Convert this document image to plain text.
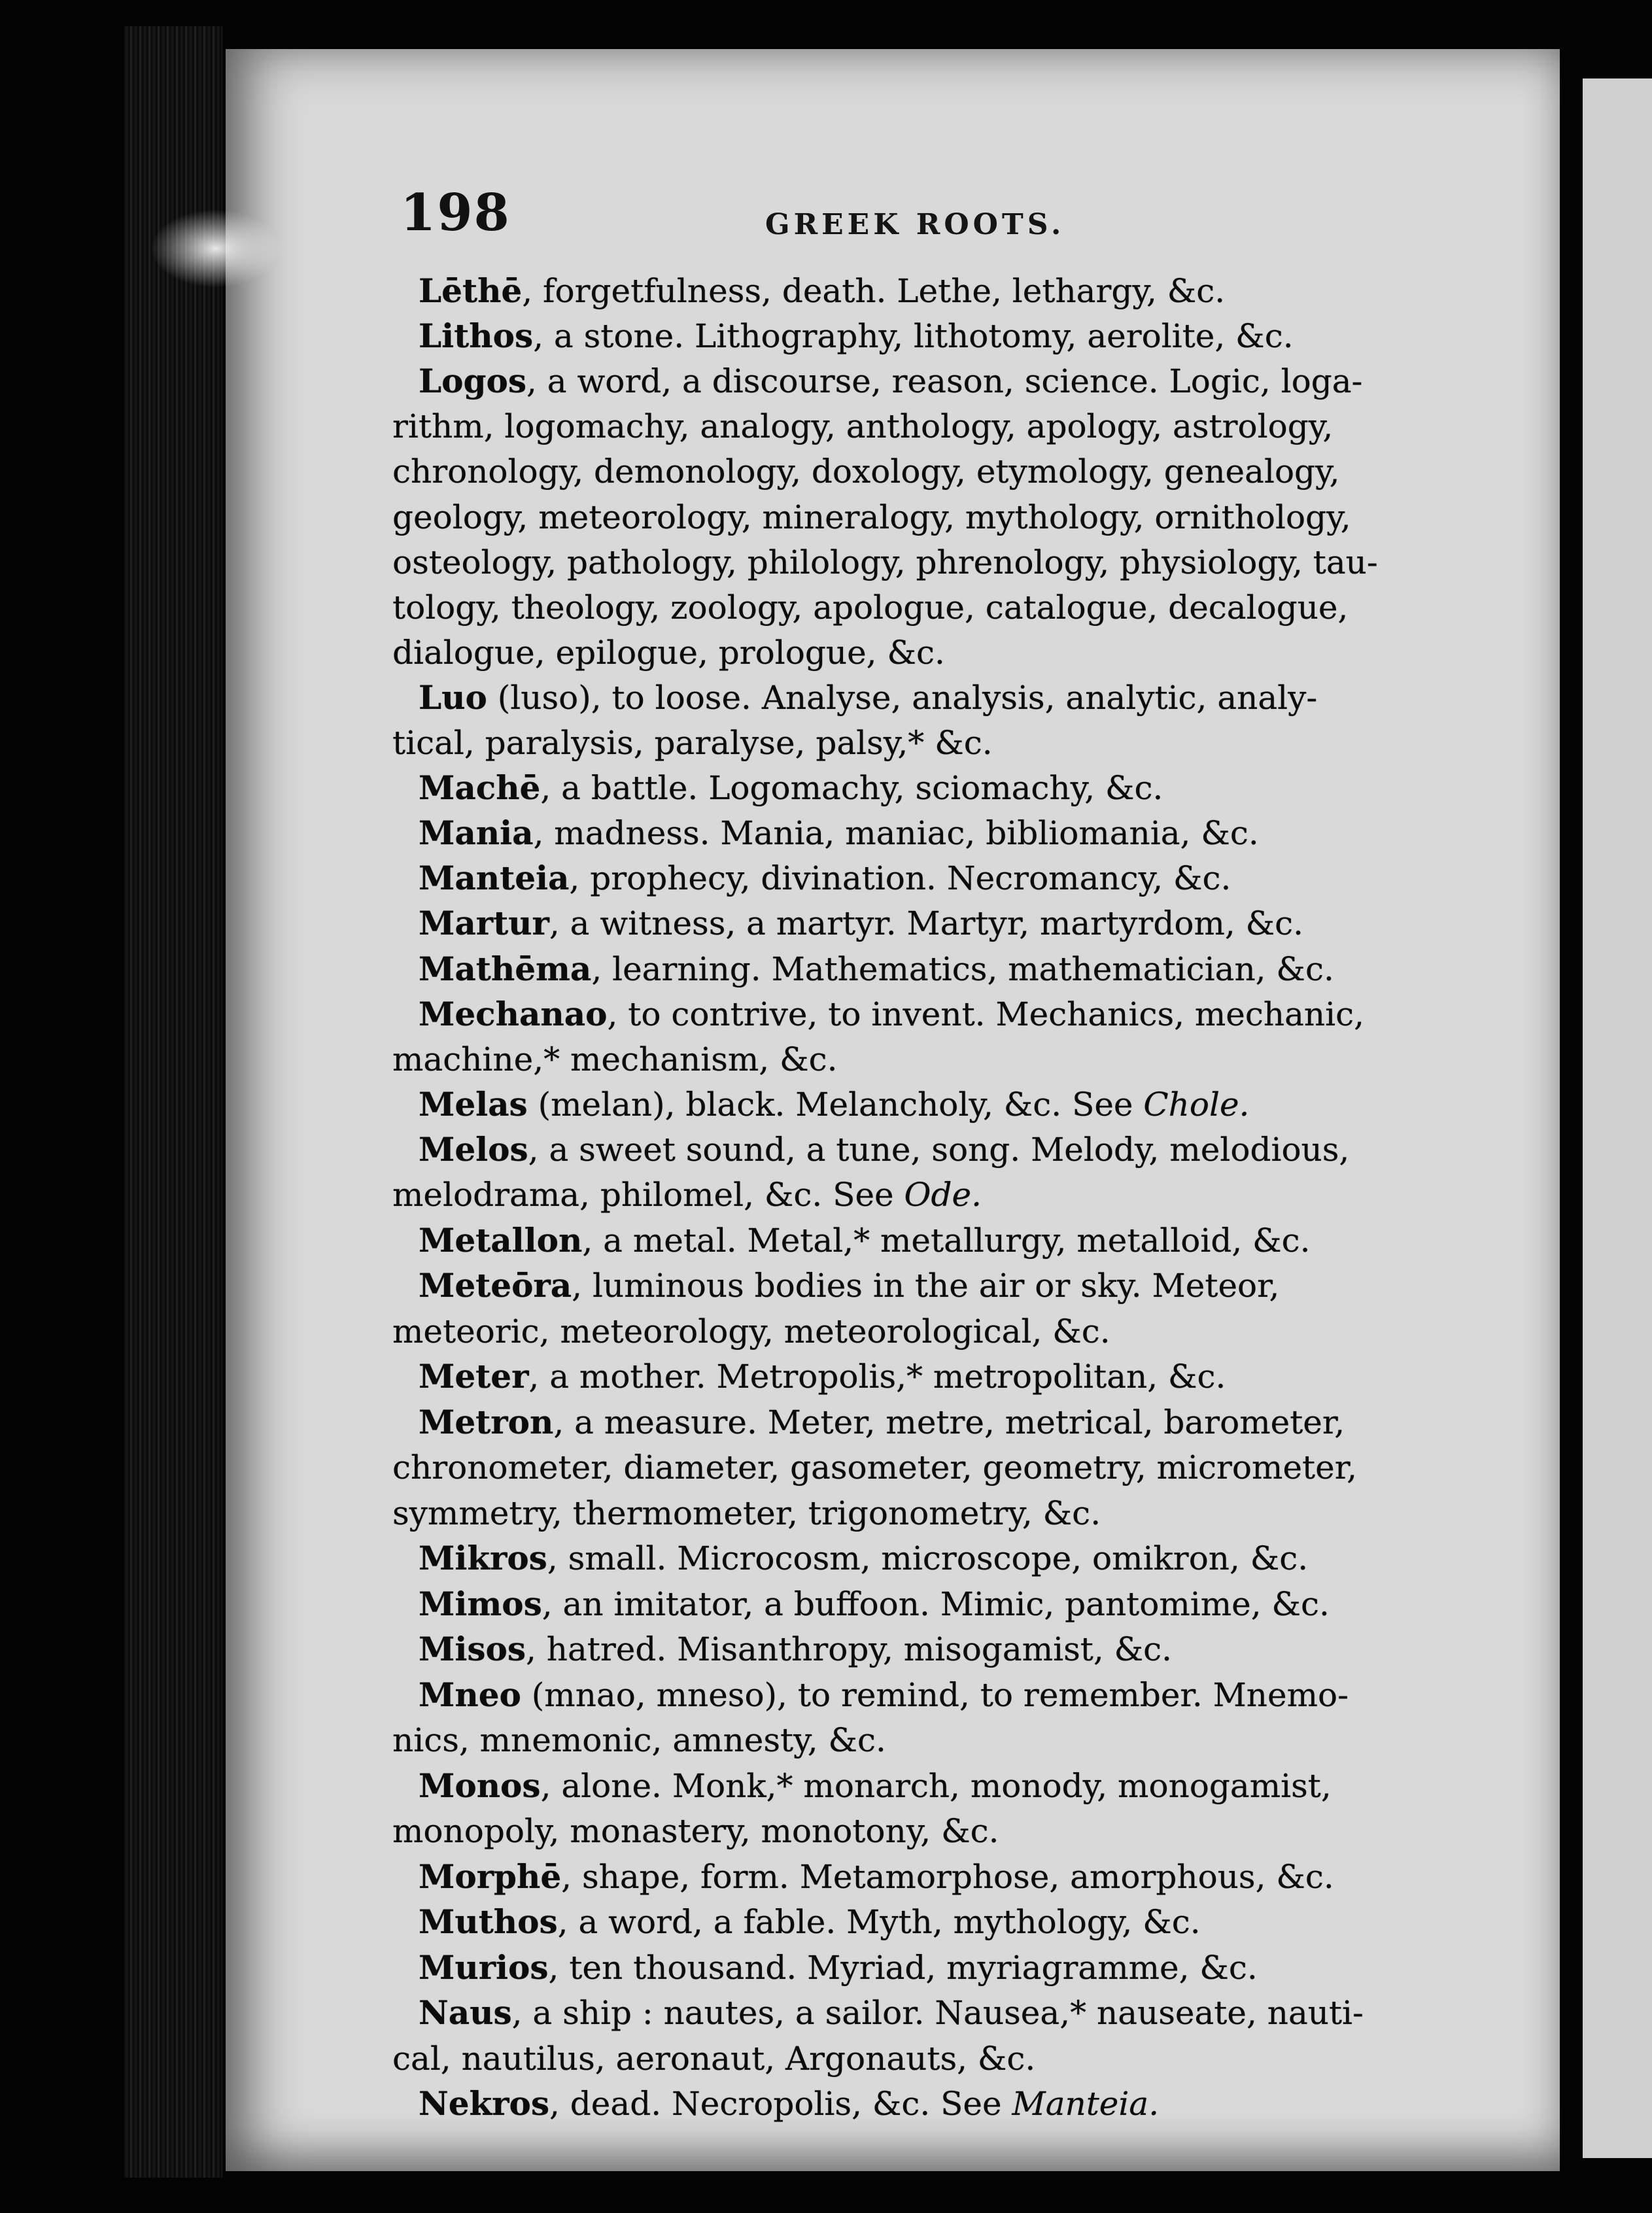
198	GREEK ROOTS.
Lēthē, forgetfulness, death. Lethe, lethargy, &c.
Lithos, a stone. Lithography, lithotomy, aerolite, &c.
Logos, a word, a discourse, reason, science. Logic, loga-
rithm, logomachy, analogy, anthology, apology, astrology,
chronology, demonology, doxology, etymology, genealogy,
geology, meteorology, mineralogy, mythology, ornithology,
osteology, pathology, philology, phrenology, physiology, tau-
tology, theology, zoology, apologue, catalogue, decalogue,
dialogue, epilogue, prologue, &c.
Luo (luso), to loose. Analyse, analysis, analytic, analy-
tical, paralysis, paralyse, palsy,* &c.
Machē, a battle. Logomachy, sciomachy, &c.
Mania, madness. Mania, maniac, bibliomania, &c.
Manteia, prophecy, divination. Necromancy, &c.
Martur, a witness, a martyr. Martyr, martyrdom, &c.
Mathēma, learning. Mathematics, mathematician, &c.
Mechanao, to contrive, to invent. Mechanics, mechanic,
machine,* mechanism, &c.
Melas (melan), black. Melancholy, &c. See Chole.
Melos, a sweet sound, a tune, song. Melody, melodious,
melodrama, philomel, &c. See Ode.
Metallon, a metal. Metal,* metallurgy, metalloid, &c.
Meteōra, luminous bodies in the air or sky. Meteor,
meteoric, meteorology, meteorological, &c.
Meter, a mother. Metropolis,* metropolitan, &c.
Metron, a measure. Meter, metre, metrical, barometer,
chronometer, diameter, gasometer, geometry, micrometer,
symmetry, thermometer, trigonometry, &c.
Mikros, small. Microcosm, microscope, omikron, &c.
Mimos, an imitator, a buffoon. Mimic, pantomime, &c.
Misos, hatred. Misanthropy, misogamist, &c.
Mneo (mnao, mneso), to remind, to remember. Mnemo-
nics, mnemonic, amnesty, &c.
Monos, alone. Monk,* monarch, monody, monogamist,
monopoly, monastery, monotony, &c.
Morphē, shape, form. Metamorphose, amorphous, &c.
Muthos, a word, a fable. Myth, mythology, &c.
Murios, ten thousand. Myriad, myriagramme, &c.
Naus, a ship : nautes, a sailor. Nausea,* nauseate, nauti-
cal, nautilus, aeronaut, Argonauts, &c.
Nekros, dead. Necropolis, &c. See Manteia.
